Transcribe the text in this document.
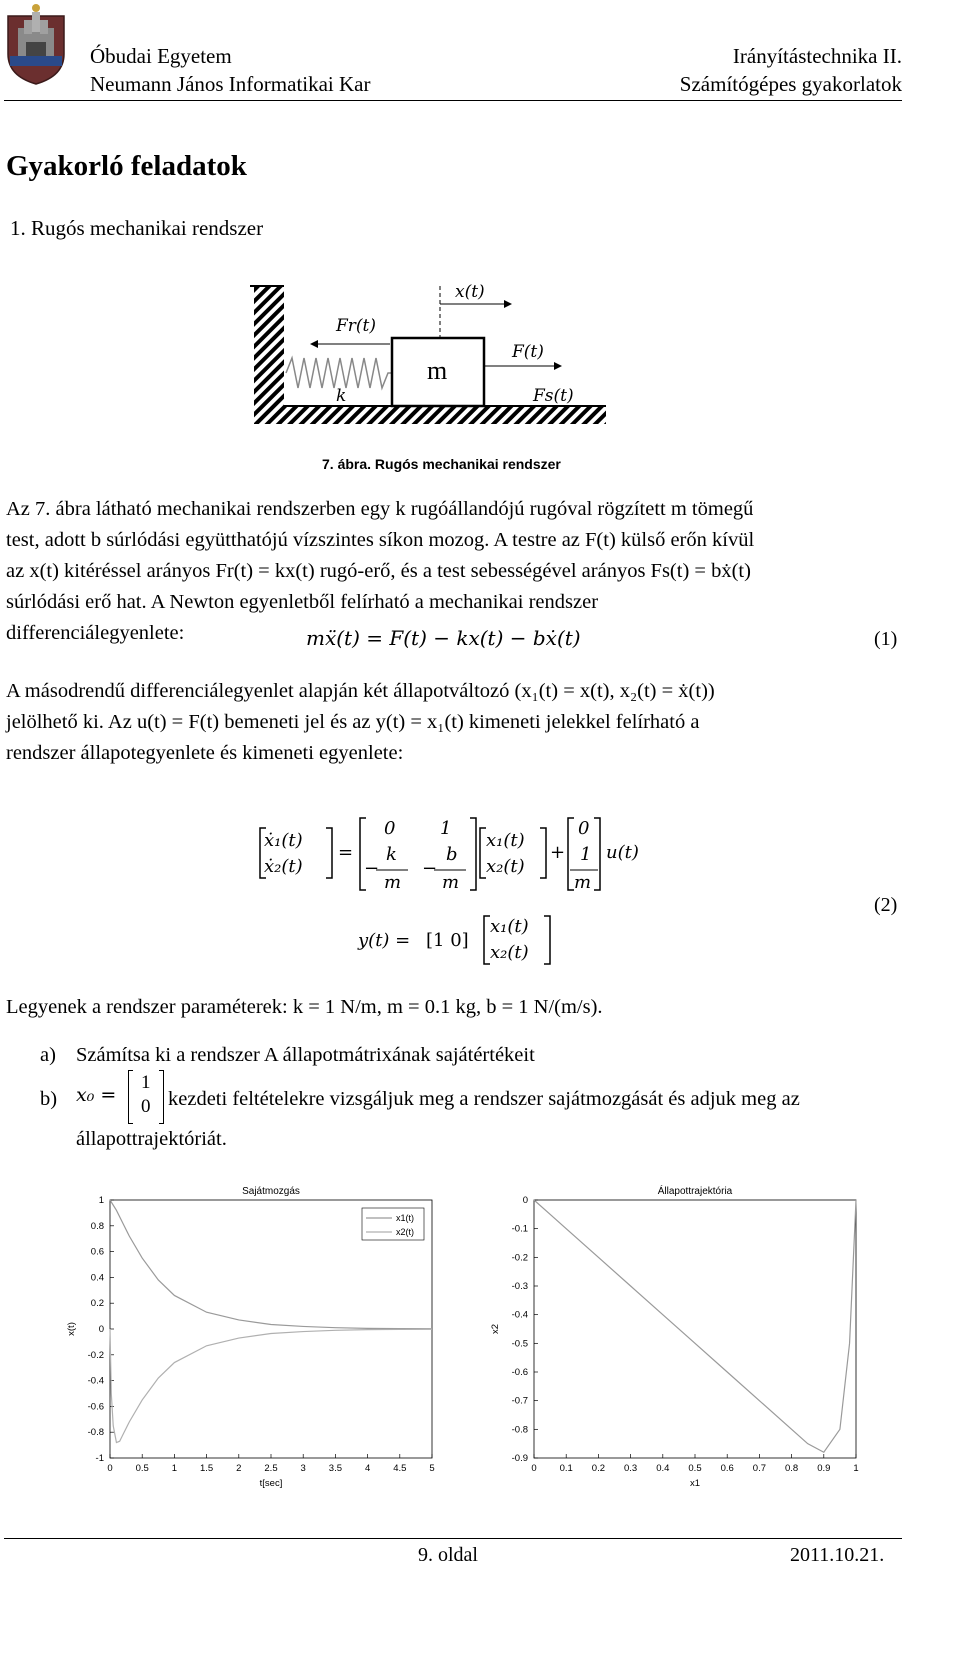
Óbudai Egyetem
Neumann János Informatikai Kar
Irányítástechnika II.
Számítógépes gyakorlatok
Gyakorló feladatok
1. Rugós mechanikai rendszer
m
x(t)
Fr(t)
F(t)
Fs(t)
k
7. ábra. Rugós mechanikai rendszer
Az 7. ábra látható mechanikai rendszerben egy k rugóállandójú rugóval rögzített m tömegű
test, adott b súrlódási együtthatójú vízszintes síkon mozog. A testre az F(t) külső erőn kívül
az x(t) kitéréssel arányos Fr(t) = kx(t) rugó-erő, és a test sebességével arányos Fs(t) = bẋ(t)
súrlódási erő hat. A Newton egyenletből felírható a mechanikai rendszer
differenciálegyenlete:	mẍ(t) = F(t) − kx(t) − bẋ(t)	(1)
A másodrendű differenciálegyenlet alapján két állapotváltozó (x₁(t) = x(t), x₂(t) = ẋ(t))
jelölhető ki. Az u(t) = F(t) bemeneti jel és az y(t) = x₁(t) kimeneti jelekkel felírható a
rendszer állapotegyenlete és kimeneti egyenlete:
ẋ₁(t)
ẋ₂(t)
=
0 1
−
k
m
−
b
m
x₁(t)
x₂(t)
+
0
1
m
u(t)
y(t) = [1 0]
x₁(t)
x₂(t)
(2)
Legyenek a rendszer paraméterek: k = 1 N/m, m = 0.1 kg, b = 1 N/(m/s).
a) Számítsa ki a rendszer A állapotmátrixának sajátértékeit
b) x₀ =
1
0 kezdeti feltételekre vizsgáljuk meg a rendszer sajátmozgását és adjuk meg az
állapottrajektóriát.
Sajátmozgás
0 0.5 1 1.5 2 2.5 3 3.5 4 4.5 5
1
0.8
0.6
0.4
0.2
0
-0.2
-0.4
-0.6
-0.8
-1
t[sec]
x(t)
x1(t)
x2(t)
Állapottrajektória
0 0.1 0.2 0.3 0.4 0.5 0.6 0.7 0.8 0.9 1
0
-0.1
-0.2
-0.3
-0.4
-0.5
-0.6
-0.7
-0.8
-0.9
x1
x2
9. oldal	2011.10.21.
